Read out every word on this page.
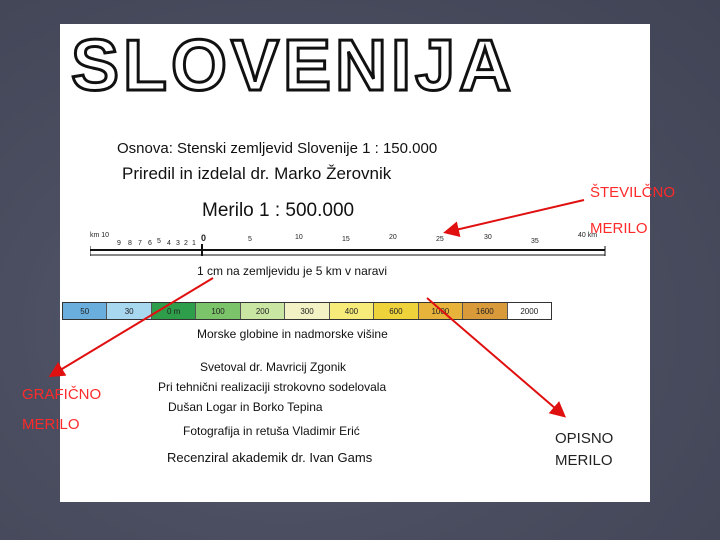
SLOVENIJA
Osnova: Stenski zemljevid Slovenije 1 : 150.000
Priredil in izdelal dr. Marko Žerovnik
Merilo 1 : 500.000
km 10
9 8 7 6 5 4 3 2 1
0	5	10	15	20	25	30
35
40 km
1 cm na zemljevidu je 5 km v naravi
50	30	0 m	100	200	300	400	600	1000	1600	2000
Morske globine in nadmorske višine
Svetoval dr. Mavricij Zgonik
Pri tehnični realizaciji strokovno sodelovala
Dušan Logar in Borko Tepina
Fotografija in retuša Vladimir Erić
Recenziral akademik dr. Ivan Gams
ŠTEVILČNO
MERILO
GRAFIČNO
MERILO
OPISNO
MERILO
